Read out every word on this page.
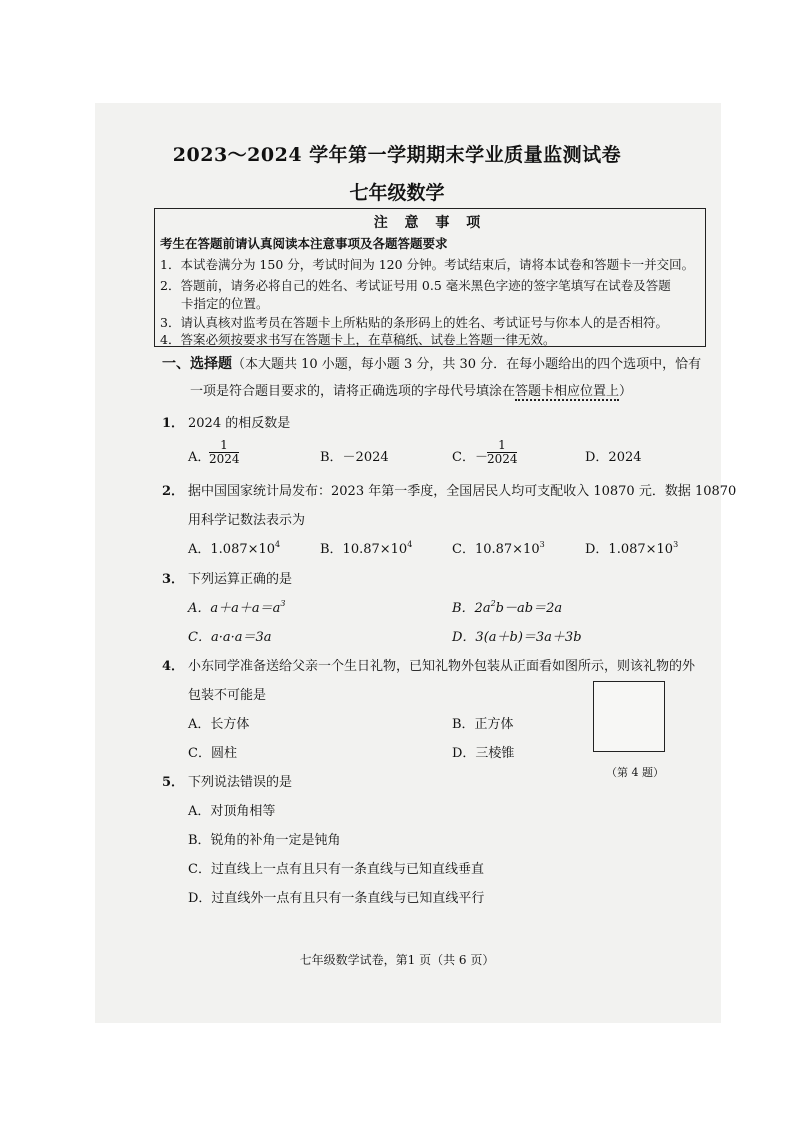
2023～2024 学年第一学期期末学业质量监测试卷
七年级数学
注 意 事 项
考生在答题前请认真阅读本注意事项及各题答题要求
1．本试卷满分为 150 分，考试时间为 120 分钟。考试结束后，请将本试卷和答题卡一并交回。
2．答题前，请务必将自己的姓名、考试证号用 0.5 毫米黑色字迹的签字笔填写在试卷及答题
卡指定的位置。
3．请认真核对监考员在答题卡上所粘贴的条形码上的姓名、考试证号与你本人的是否相符。
4．答案必须按要求书写在答题卡上，在草稿纸、试卷上答题一律无效。
一、选择题（本大题共 10 小题，每小题 3 分，共 30 分．在每小题给出的四个选项中，恰有
一项是符合题目要求的，请将正确选项的字母代号填涂在答题卡相应位置上）
1． 2024 的相反数是
A．
1
2024	B．－2024	C．－
1
2024	D．2024
2． 据中国国家统计局发布：2023 年第一季度，全国居民人均可支配收入 10870 元．数据 10870
用科学记数法表示为
A．$1.087\times 10^4$	B．$10.87\times 10^4$	C．$10.87\times 10^3$	D．$1.087\times 10^3$
3． 下列运算正确的是
A．$a+a+a=a^3$	B．$2a^2b-ab=2a$
C．a·a·a＝3a	D．3(a＋b)＝3a＋3b
4． 小东同学准备送给父亲一个生日礼物，已知礼物外包装从正面看如图所示，则该礼物的外
包装不可能是
A．长方体	B．正方体
C．圆柱	D．三棱锥
（第 4 题）
5． 下列说法错误的是
A．对顶角相等
B．锐角的补角一定是钝角
C．过直线上一点有且只有一条直线与已知直线垂直
D．过直线外一点有且只有一条直线与已知直线平行
七年级数学试卷，第1 页（共 6 页）
